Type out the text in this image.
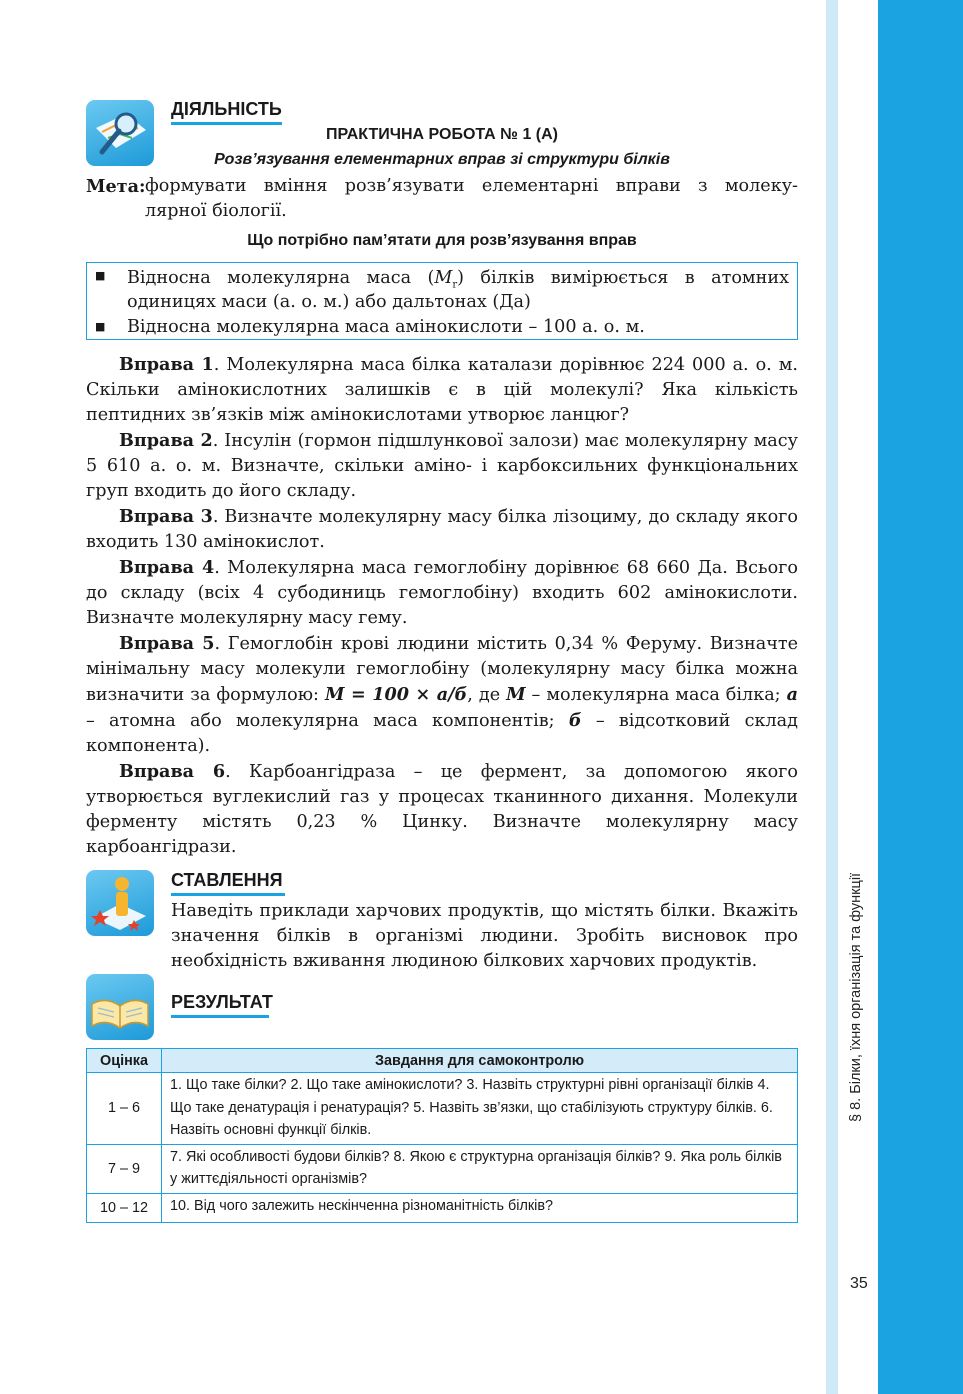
§ 8. Білки, їхня організація та функції
35
ДІЯЛЬНІСТЬ
ПРАКТИЧНА РОБОТА № 1 (А)
Розв’язування елементарних вправ зі структури білків
Мета: формувати вміння розв’язувати елементарні вправи з молеку-
лярної біології.
Що потрібно пам’ятати для розв’язування вправ
■ Відносна молекулярна маса $(M_r)$ білків вимірюється в атомних
одиницях маси (а. о. м.) або дальтонах (Да)
■ Відносна молекулярна маса амінокислоти – 100 а. о. м.

Вправа 1. Молекулярна маса білка каталази дорівнює 224 000 а. о. м. Скільки амінокислотних залишків є в цій молекулі? Яка кількість пептидних зв’язків між амінокислотами утворює ланцюг?

Вправа 2. Інсулін (гормон підшлункової залози) має молекулярну масу 5 610 а. о. м. Визначте, скільки аміно- і карбоксильних функціональних груп входить до його складу.

Вправа 3. Визначте молекулярну масу білка лізоциму, до складу якого входить 130 амінокислот.

Вправа 4. Молекулярна маса гемоглобіну дорівнює 68 660 Да. Всього до складу (всіх 4 субодиниць гемоглобіну) входить 602 амінокислоти. Визначте молекулярну масу гему.

Вправа 5. Гемоглобін крові людини містить 0,34 % Феруму. Визначте мінімальну масу молекули гемоглобіну (молекулярну масу білка можна визначити за формулою: М = 100 × а/б, де М – молекулярна маса білка; а – атомна або молекулярна маса компонентів; б – відсотковий склад компонента).

Вправа 6. Карбоангідраза – це фермент, за допомогою якого утворюється вуглекислий газ у процесах тканинного дихання. Молекули ферменту містять 0,23 % Цинку. Визначте молекулярну масу карбоангідрази.

СТАВЛЕННЯ
Наведіть приклади харчових продуктів, що містять білки. Вкажіть значення білків в організмі людини. Зробіть висновок про необхідність вживання людиною білкових харчових продуктів.
РЕЗУЛЬТАТ
Оцінка	Завдання для самоконтролю
1 – 6	1. Що таке білки? 2. Що таке амінокислоти? 3. Назвіть структурні рівні організації білків 4. Що таке денатурація і ренатурація? 5. Назвіть зв’язки, що стабілізують структуру білків. 6. Назвіть основні функції білків.
7 – 9	7. Які особливості будови білків? 8. Якою є структурна організація білків? 9. Яка роль білків у життєдіяльності організмів?
10 – 12	10. Від чого залежить нескінченна різноманітність білків?
